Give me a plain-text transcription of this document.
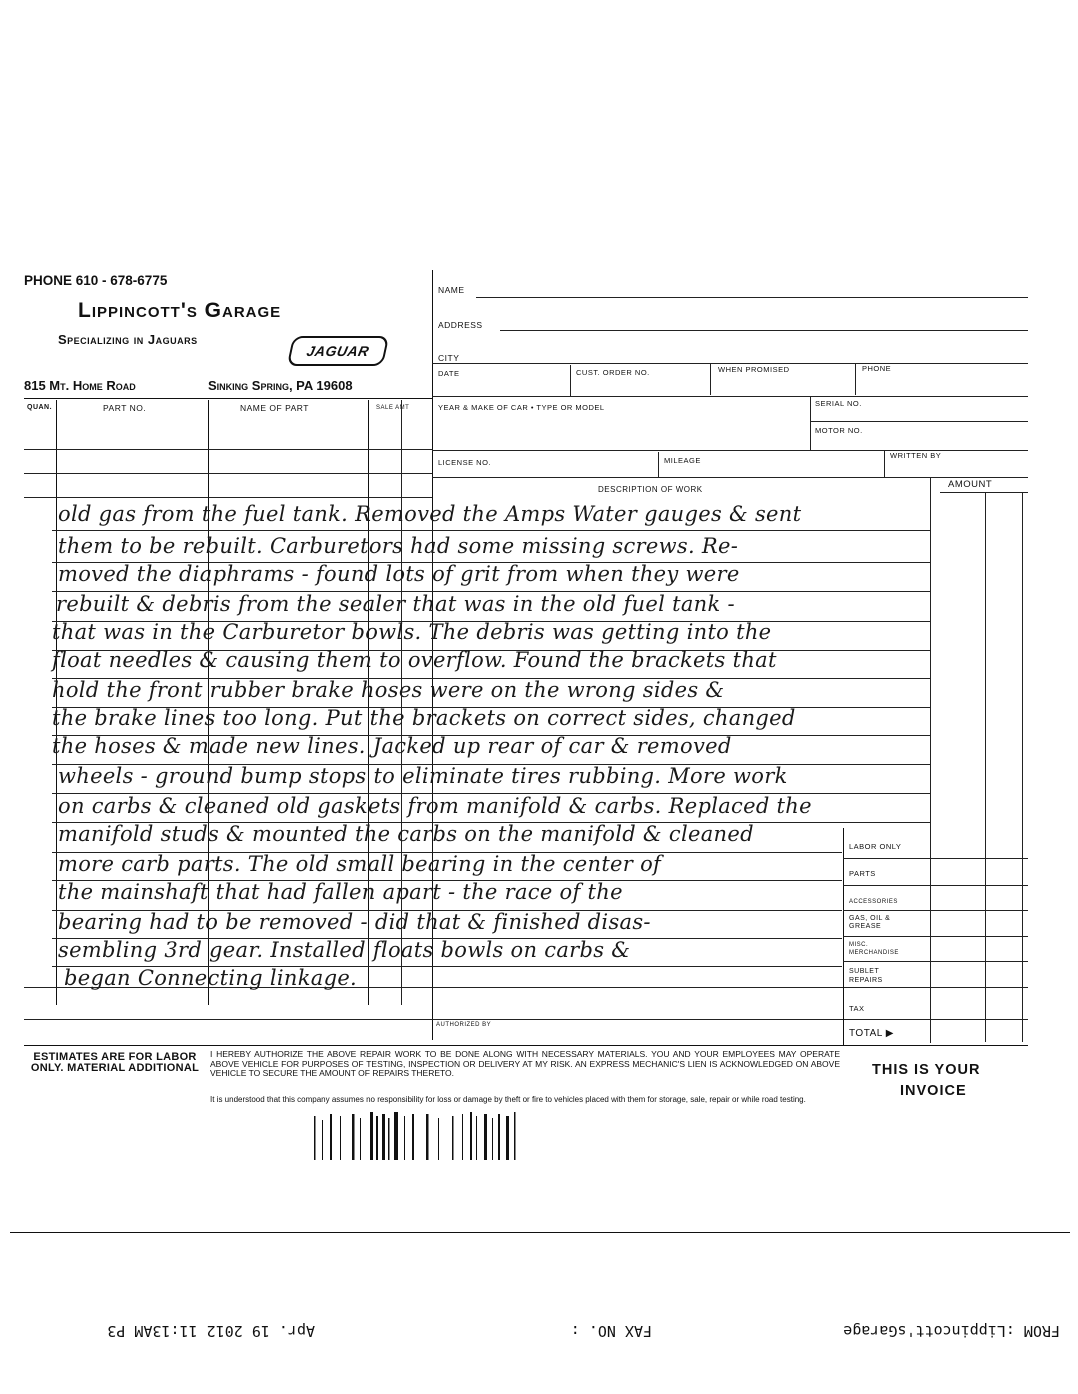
PHONE 610 - 678-6775
Lippincott's Garage
Specializing in Jaguars
JAGUAR
815 Mt. Home Road	Sinking Spring, PA 19608
QUAN.	PART NO.	NAME OF PART	SALE AMT
NAME
ADDRESS
CITY
DATE	CUST. ORDER NO.	WHEN PROMISED	PHONE
YEAR & MAKE OF CAR • TYPE OR MODEL	SERIAL NO.
MOTOR NO.
LICENSE NO.	MILEAGE
WRITTEN BY
DESCRIPTION OF WORK	AMOUNT
old gas from the fuel tank. Removed the Amps Water gauges & sent
them to be rebuilt. Carburetors had some missing screws. Re-
moved the diaphrams - found lots of grit from when they were
rebuilt & debris from the sealer that was in the old fuel tank -
that was in the Carburetor bowls. The debris was getting into the
float needles & causing them to overflow. Found the brackets that
hold the front rubber brake hoses were on the wrong sides &
the brake lines too long. Put the brackets on correct sides, changed
the hoses & made new lines. Jacked up rear of car & removed
wheels - ground bump stops to eliminate tires rubbing. More work
on carbs & cleaned old gaskets from manifold & carbs. Replaced the
manifold studs & mounted the carbs on the manifold & cleaned
more carb parts. The old small bearing in the center of
the mainshaft that had fallen apart - the race of the
bearing had to be removed - did that & finished disas-
sembling 3rd gear. Installed floats bowls on carbs &
began Connecting linkage.
LABOR ONLY
PARTS
ACCESSORIES
GAS, OIL & GREASE
MISC. MERCHANDISE
SUBLET REPAIRS
TAX
TOTAL ▶
AUTHORIZED BY
ESTIMATES ARE FOR LABOR ONLY. MATERIAL ADDITIONAL
I HEREBY AUTHORIZE THE ABOVE REPAIR WORK TO BE DONE ALONG WITH NECESSARY MATERIALS. YOU AND YOUR EMPLOYEES MAY OPERATE ABOVE VEHICLE FOR PURPOSES OF TESTING, INSPECTION OR DELIVERY AT MY RISK. AN EXPRESS MECHANIC'S LIEN IS ACKNOWLEDGED ON ABOVE VEHICLE TO SECURE THE AMOUNT OF REPAIRS THERETO.
It is understood that this company assumes no responsibility for loss or damage by theft or fire to vehicles placed with them for storage, sale, repair or while road testing.
THIS IS YOUR
INVOICE
FROM :Lippincott'sGarage
FAX NO. :
Apr. 19 2012 11:13AM P3
